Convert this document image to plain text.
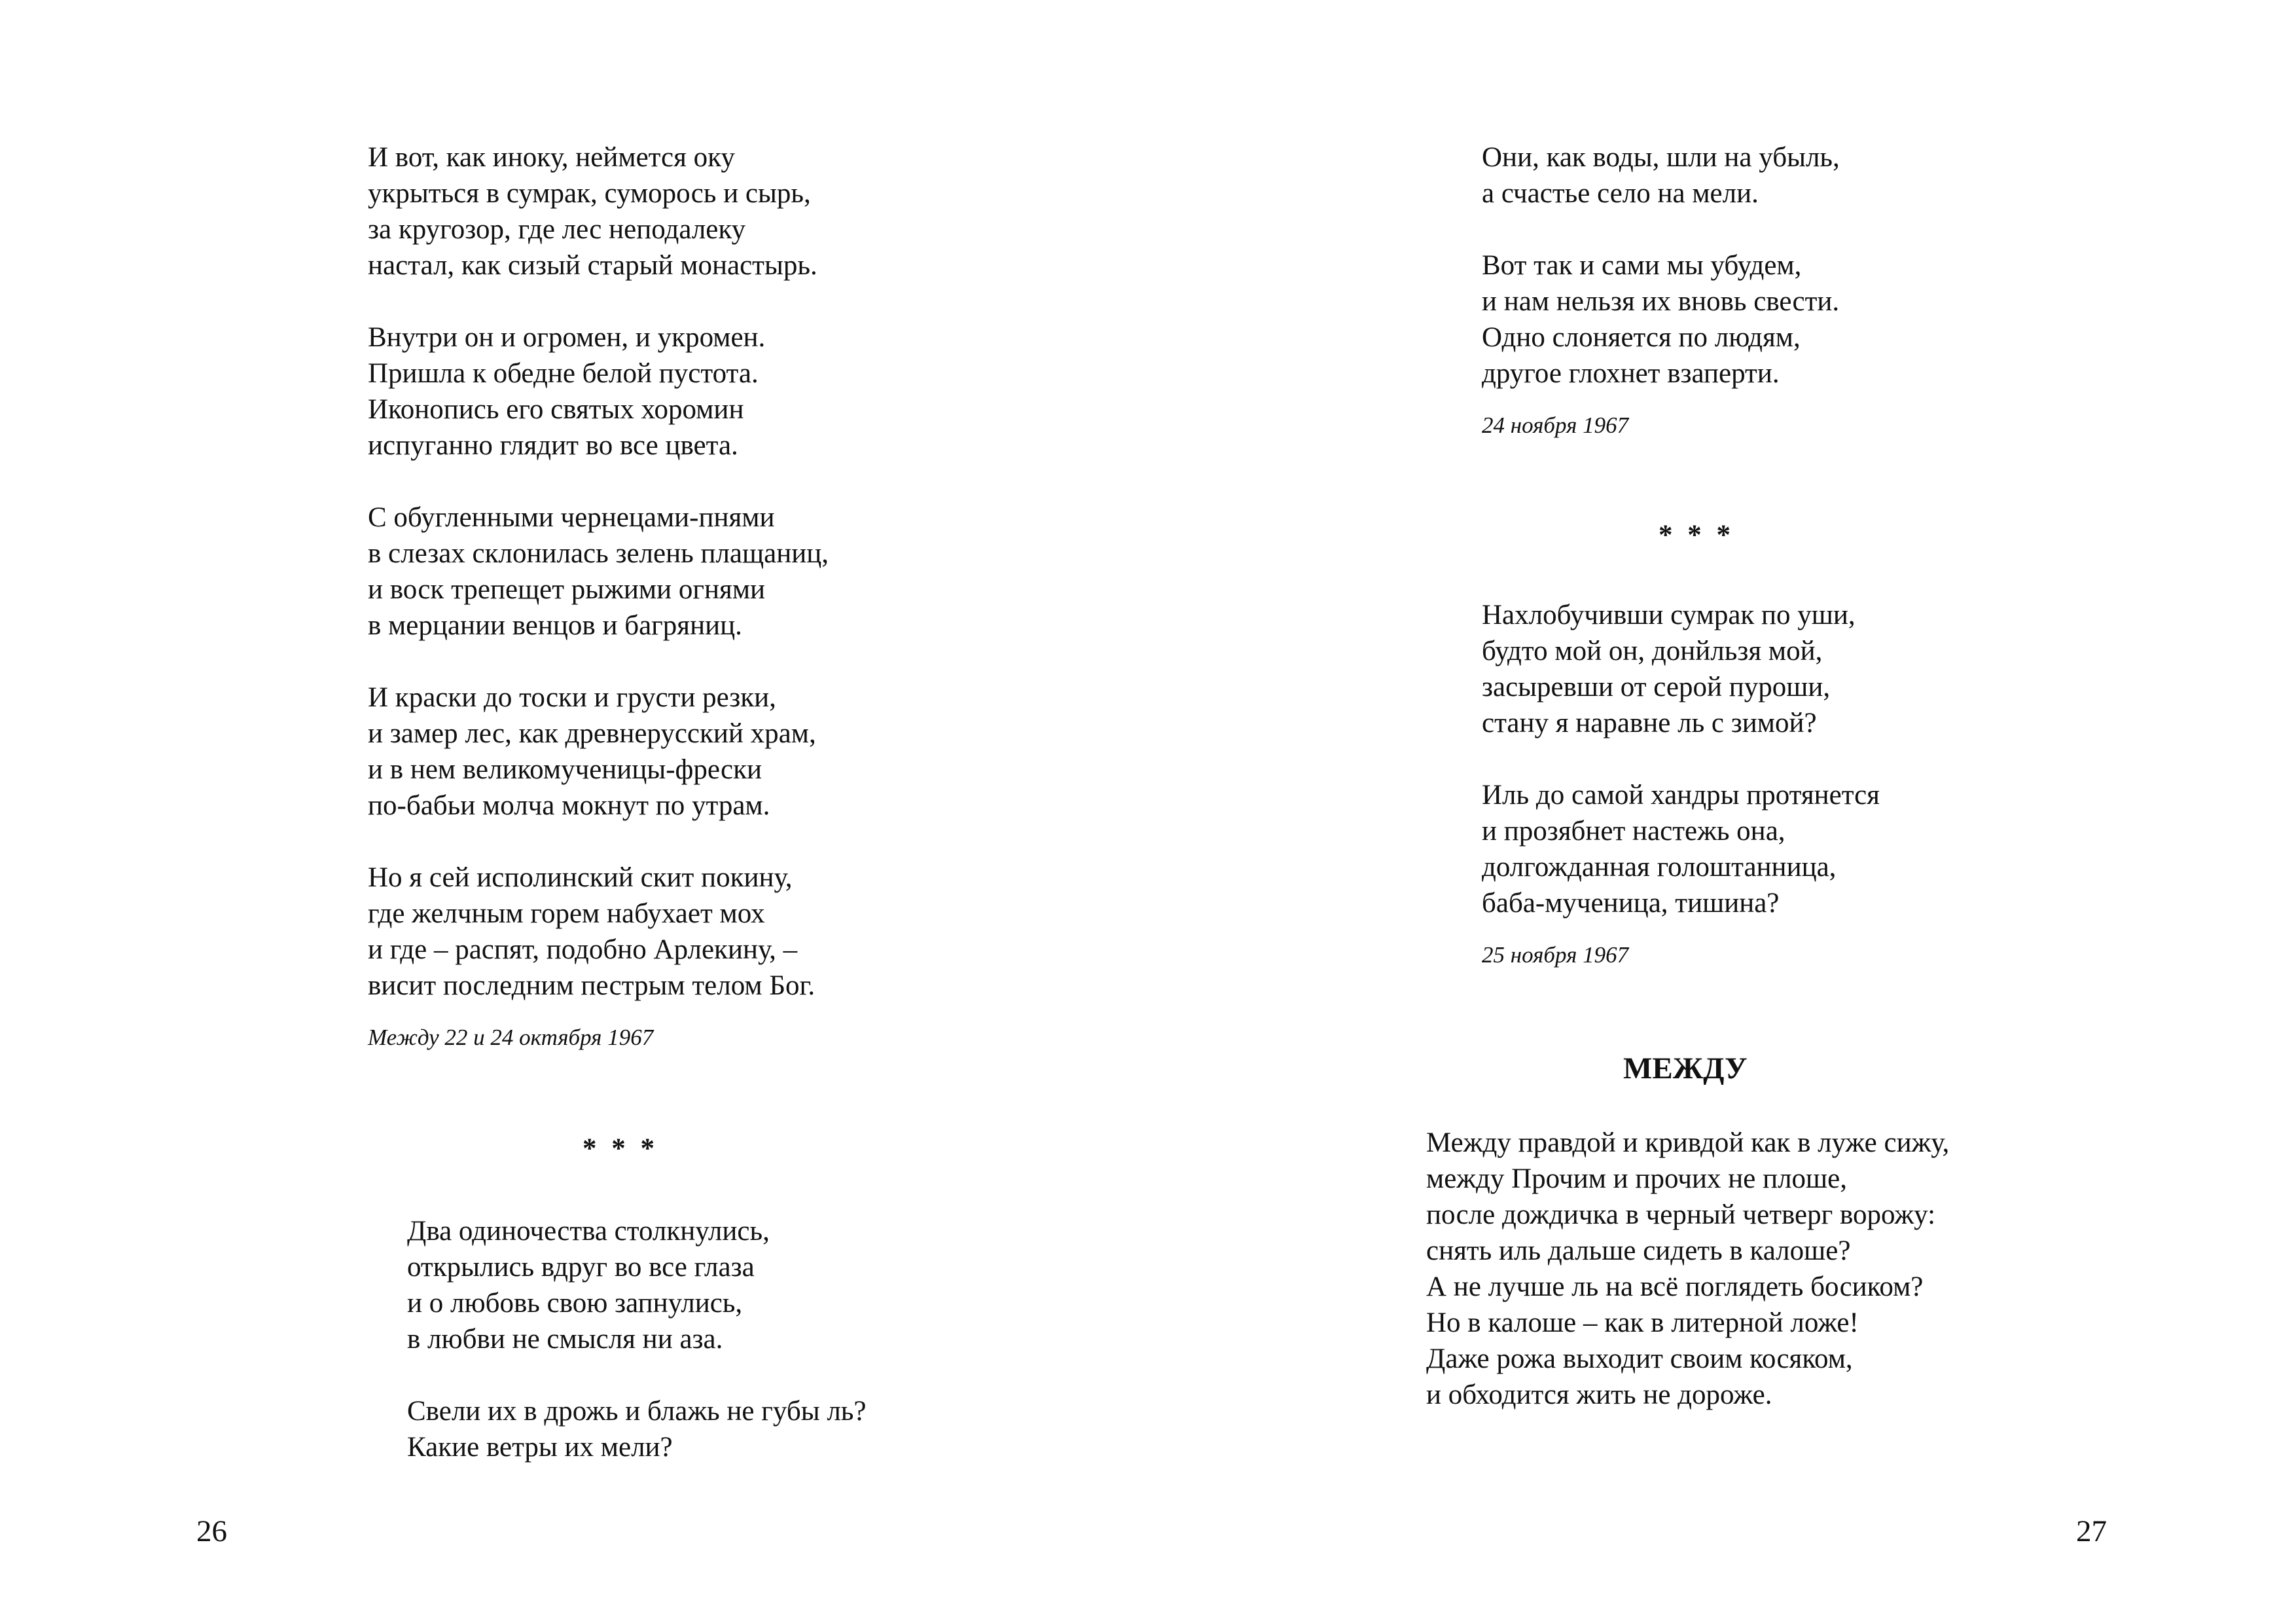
И вот, как иноку, неймется оку
укрыться в сумрак, суморось и сырь,
за кругозор, где лес неподалеку
настал, как сизый старый монастырь.
Внутри он и огромен, и укромен.
Пришла к обедне белой пустота.
Иконопись его святых хоромин
испуганно глядит во все цвета.
С обугленными чернецами-пнями
в слезах склонилась зелень плащаниц,
и воск трепещет рыжими огнями
в мерцании венцов и багряниц.
И краски до тоски и грусти резки,
и замер лес, как древнерусский храм,
и в нем великомученицы-фрески
по-бабьи молча мокнут по утрам.
Но я сей исполинский скит покину,
где желчным горем набухает мох
и где – распят, подобно Арлекину, –
висит последним пестрым телом Бог.
Между 22 и 24 октября 1967
* * *
Два одиночества столкнулись,
открылись вдруг во все глаза
и о любовь свою запнулись,
в любви не смысля ни аза.
Свели их в дрожь и блажь не губы ль?
Какие ветры их мели?
26
Они, как воды, шли на убыль,
а счастье село на мели.
Вот так и сами мы убудем,
и нам нельзя их вновь свести.
Одно слоняется по людям,
другое глохнет взаперти.
24 ноября 1967
* * *
Нахлобучивши сумрак по уши,
будто мой он, донйльзя мой,
засыревши от серой пуроши,
стану я наравне ль с зимой?
Иль до самой хандры протянется
и прозябнет настежь она,
долгожданная голоштанница,
баба-мученица, тишина?
25 ноября 1967
МЕЖДУ
Между правдой и кривдой как в луже сижу,
между Прочим и прочих не плоше,
после дождичка в черный четверг ворожу:
снять иль дальше сидеть в калоше?
А не лучше ль на всё поглядеть босиком?
Но в калоше – как в литерной ложе!
Даже рожа выходит своим косяком,
и обходится жить не дороже.
27
